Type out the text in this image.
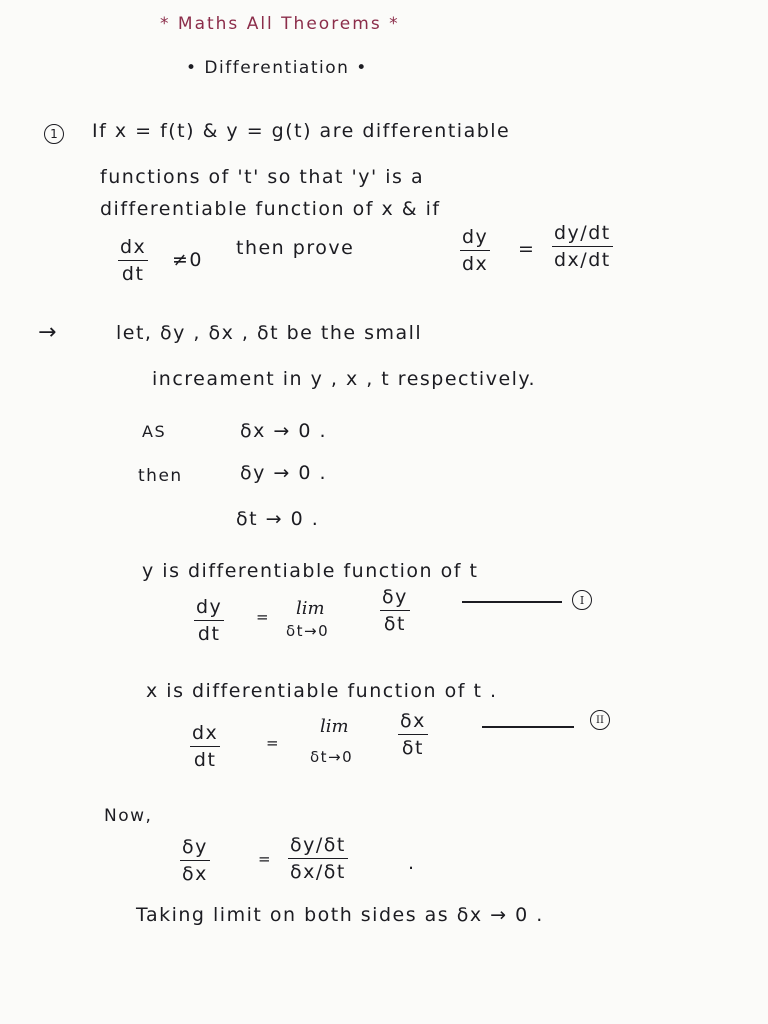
* Maths All Theorems *
• Differentiation •
1	If x = f(t) & y = g(t) are differentiable
functions of 't' so that 'y' is a
differentiable function of x & if
$\frac{dx}{dt} \ne 0$
then prove	$\frac{dy}{dx} = \frac{dy/dt}{dx/dt}$
→	let, δy , δx , δt be the small
increament in y , x , t respectively.
AS	δx → 0 .
then	δy → 0 .
δt → 0 .
y is differentiable function of t
$\frac{dy}{dt} = \lim$
δt→0	$\frac{\delta y}{\delta t}$	I
x is differentiable function of t .
$\frac{dx}{dt}$	=
lim
$\delta t\to 0 \frac{\delta x}{\delta t}$	II
Now,
$\frac{\delta y}{\delta x}$	= $\frac{\delta y/\delta t}{\delta x/\delta t}$	.
Taking limit on both sides as δx → 0 .
